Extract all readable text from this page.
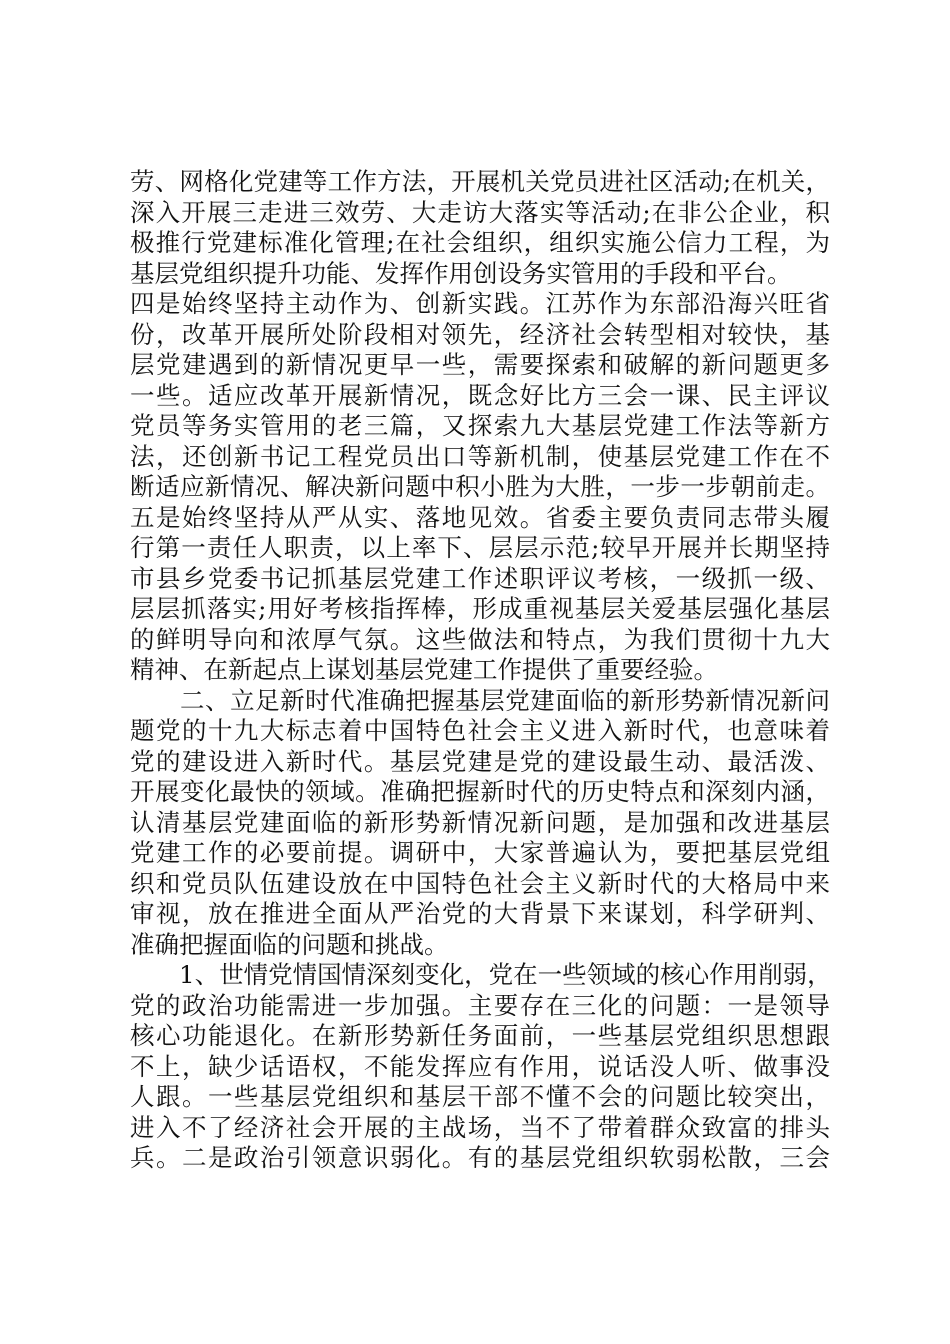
劳、网格化党建等工作方法，开展机关党员进社区活动;在机关，
深入开展三走进三效劳、大走访大落实等活动;在非公企业，积
极推行党建标准化管理;在社会组织，组织实施公信力工程，为
基层党组织提升功能、发挥作用创设务实管用的手段和平台。
四是始终坚持主动作为、创新实践。江苏作为东部沿海兴旺省
份，改革开展所处阶段相对领先，经济社会转型相对较快，基
层党建遇到的新情况更早一些，需要探索和破解的新问题更多
一些。适应改革开展新情况，既念好比方三会一课、民主评议
党员等务实管用的老三篇，又探索九大基层党建工作法等新方
法，还创新书记工程党员出口等新机制，使基层党建工作在不
断适应新情况、解决新问题中积小胜为大胜，一步一步朝前走。
五是始终坚持从严从实、落地见效。省委主要负责同志带头履
行第一责任人职责，以上率下、层层示范;较早开展并长期坚持
市县乡党委书记抓基层党建工作述职评议考核，一级抓一级、
层层抓落实;用好考核指挥棒，形成重视基层关爱基层强化基层
的鲜明导向和浓厚气氛。这些做法和特点，为我们贯彻十九大
精神、在新起点上谋划基层党建工作提供了重要经验。
　　二、立足新时代准确把握基层党建面临的新形势新情况新问
题党的十九大标志着中国特色社会主义进入新时代，也意味着
党的建设进入新时代。基层党建是党的建设最生动、最活泼、
开展变化最快的领域。准确把握新时代的历史特点和深刻内涵，
认清基层党建面临的新形势新情况新问题，是加强和改进基层
党建工作的必要前提。调研中，大家普遍认为，要把基层党组
织和党员队伍建设放在中国特色社会主义新时代的大格局中来
审视，放在推进全面从严治党的大背景下来谋划，科学研判、
准确把握面临的问题和挑战。
　　1、世情党情国情深刻变化，党在一些领域的核心作用削弱，
党的政治功能需进一步加强。主要存在三化的问题：一是领导
核心功能退化。在新形势新任务面前，一些基层党组织思想跟
不上，缺少话语权，不能发挥应有作用，说话没人听、做事没
人跟。一些基层党组织和基层干部不懂不会的问题比较突出，
进入不了经济社会开展的主战场，当不了带着群众致富的排头
兵。二是政治引领意识弱化。有的基层党组织软弱松散，三会
